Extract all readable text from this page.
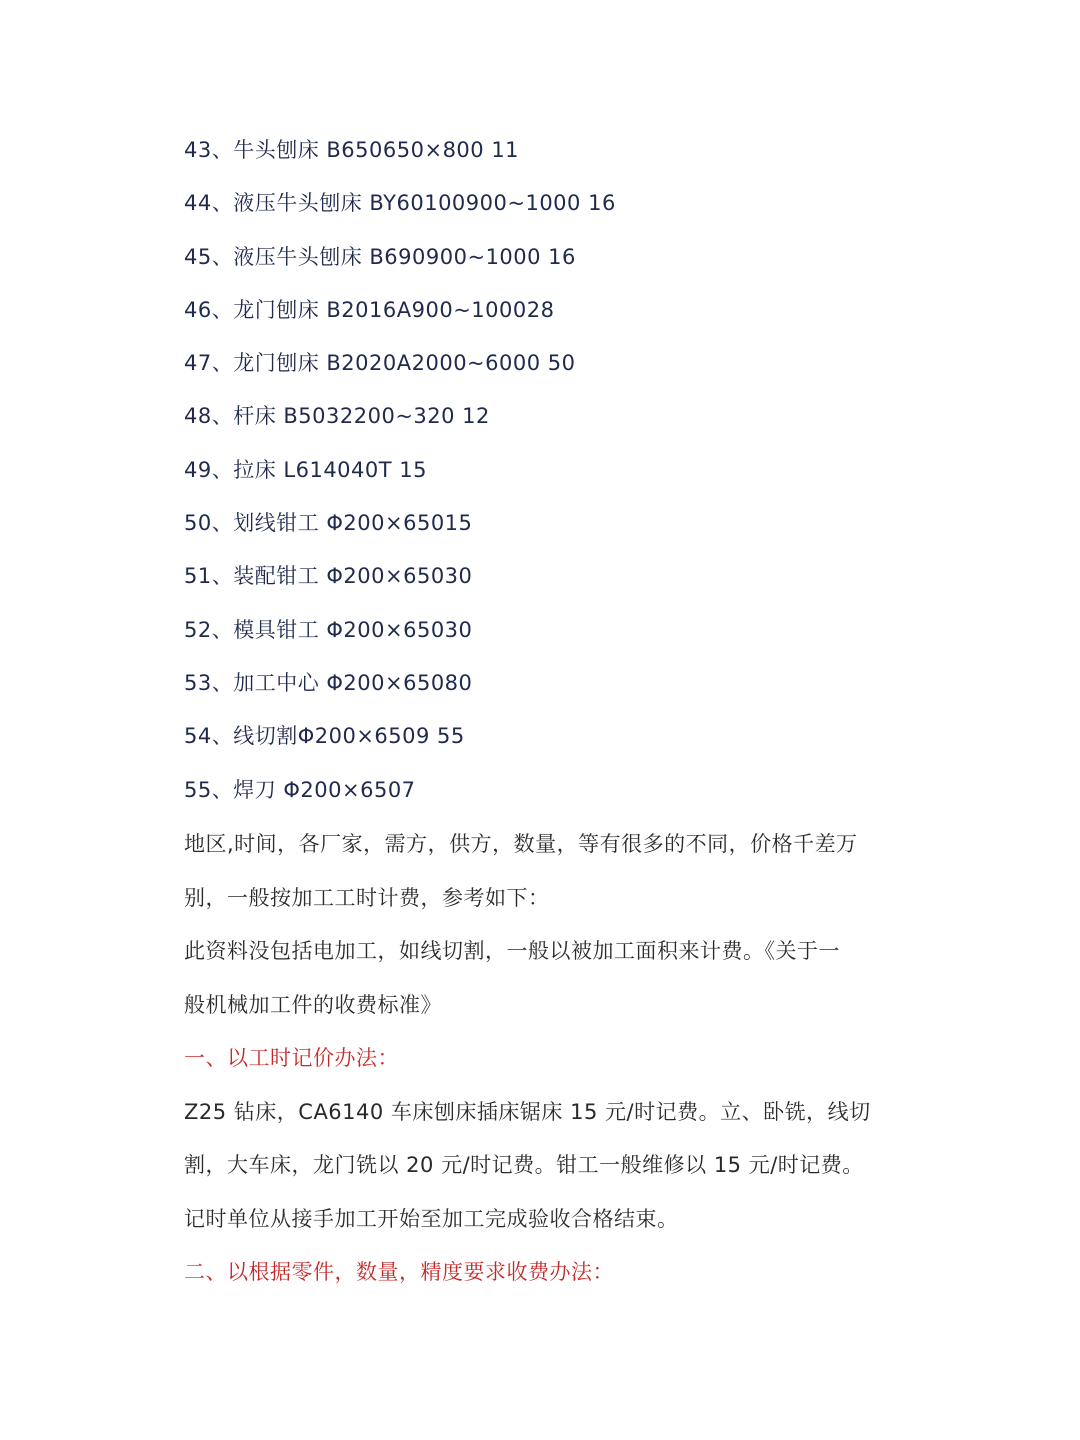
43、牛头刨床 B650650×800 11
44、液压牛头刨床 BY60100900~1000 16
45、液压牛头刨床 B690900~1000 16
46、龙门刨床 B2016A900~100028
47、龙门刨床 B2020A2000~6000 50
48、杆床 B5032200~320 12
49、拉床 L614040T 15
50、划线钳工 Φ200×65015
51、装配钳工 Φ200×65030
52、模具钳工 Φ200×65030
53、加工中心 Φ200×65080
54、线切割Φ200×6509 55
55、焊刀 Φ200×6507

地区,时间，各厂家，需方，供方，数量，等有很多的不同，价格千差万

别，一般按加工工时计费，参考如下：

此资料没包括电加工，如线切割，一般以被加工面积来计费。《关于一

般机械加工件的收费标准》

一、以工时记价办法：

Z25 钻床，CA6140 车床刨床插床锯床 15 元/时记费。立、卧铣，线切

割，大车床，龙门铣以 20 元/时记费。钳工一般维修以 15 元/时记费。

记时单位从接手加工开始至加工完成验收合格结束。

二、以根据零件，数量，精度要求收费办法：
